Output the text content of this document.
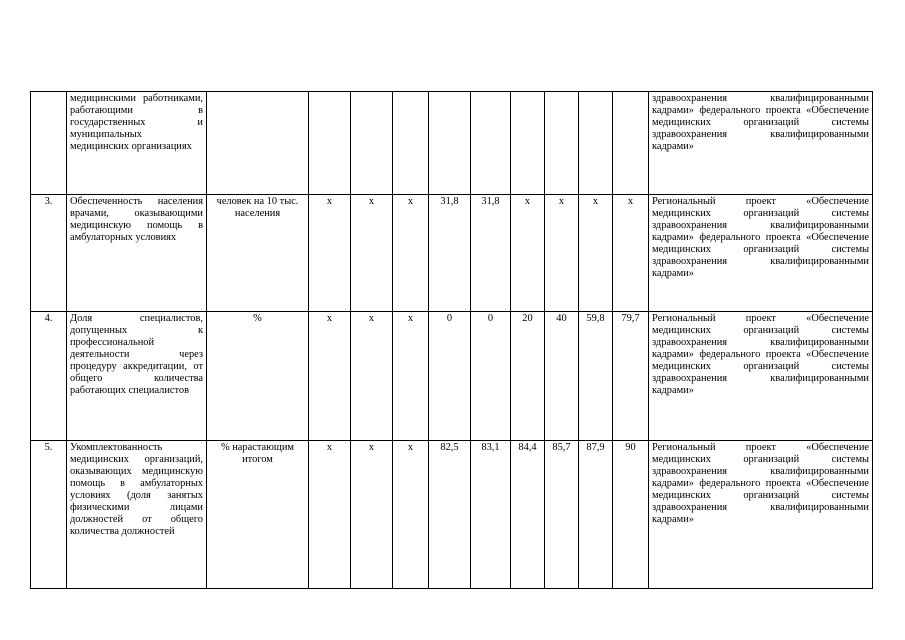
	медицинскими работниками, работающими в государственных и муниципальных медицинских организациях											здравоохранения квалифицированными кадрами» федерального проекта «Обеспечение медицинских организаций системы здравоохранения квалифицированными кадрами»
3.	Обеспеченность населения врачами, оказывающими медицинскую помощь в амбулаторных условиях	человек на 10 тыс. населения	х	х	х	31,8	31,8	х	х	х	х	Региональный проект «Обеспечение медицинских организаций системы здравоохранения квалифицированными кадрами» федерального проекта «Обеспечение медицинских организаций системы здравоохранения квалифицированными кадрами»
4.	Доля специалистов, допущенных к профессиональной деятельности через процедуру аккредитации, от общего количества работающих специалистов	%	х	х	х	0	0	20	40	59,8	79,7	Региональный проект «Обеспечение медицинских организаций системы здравоохранения квалифицированными кадрами» федерального проекта «Обеспечение медицинских организаций системы здравоохранения квалифицированными кадрами»
5.	Укомплектованность медицинских организаций, оказывающих медицинскую помощь в амбулаторных условиях (доля занятых физическими лицами должностей от общего количества должностей	% нарастающим итогом	х	х	х	82,5	83,1	84,4	85,7	87,9	90	Региональный проект «Обеспечение медицинских организаций системы здравоохранения квалифицированными кадрами» федерального проекта «Обеспечение медицинских организаций системы здравоохранения квалифицированными кадрами»
